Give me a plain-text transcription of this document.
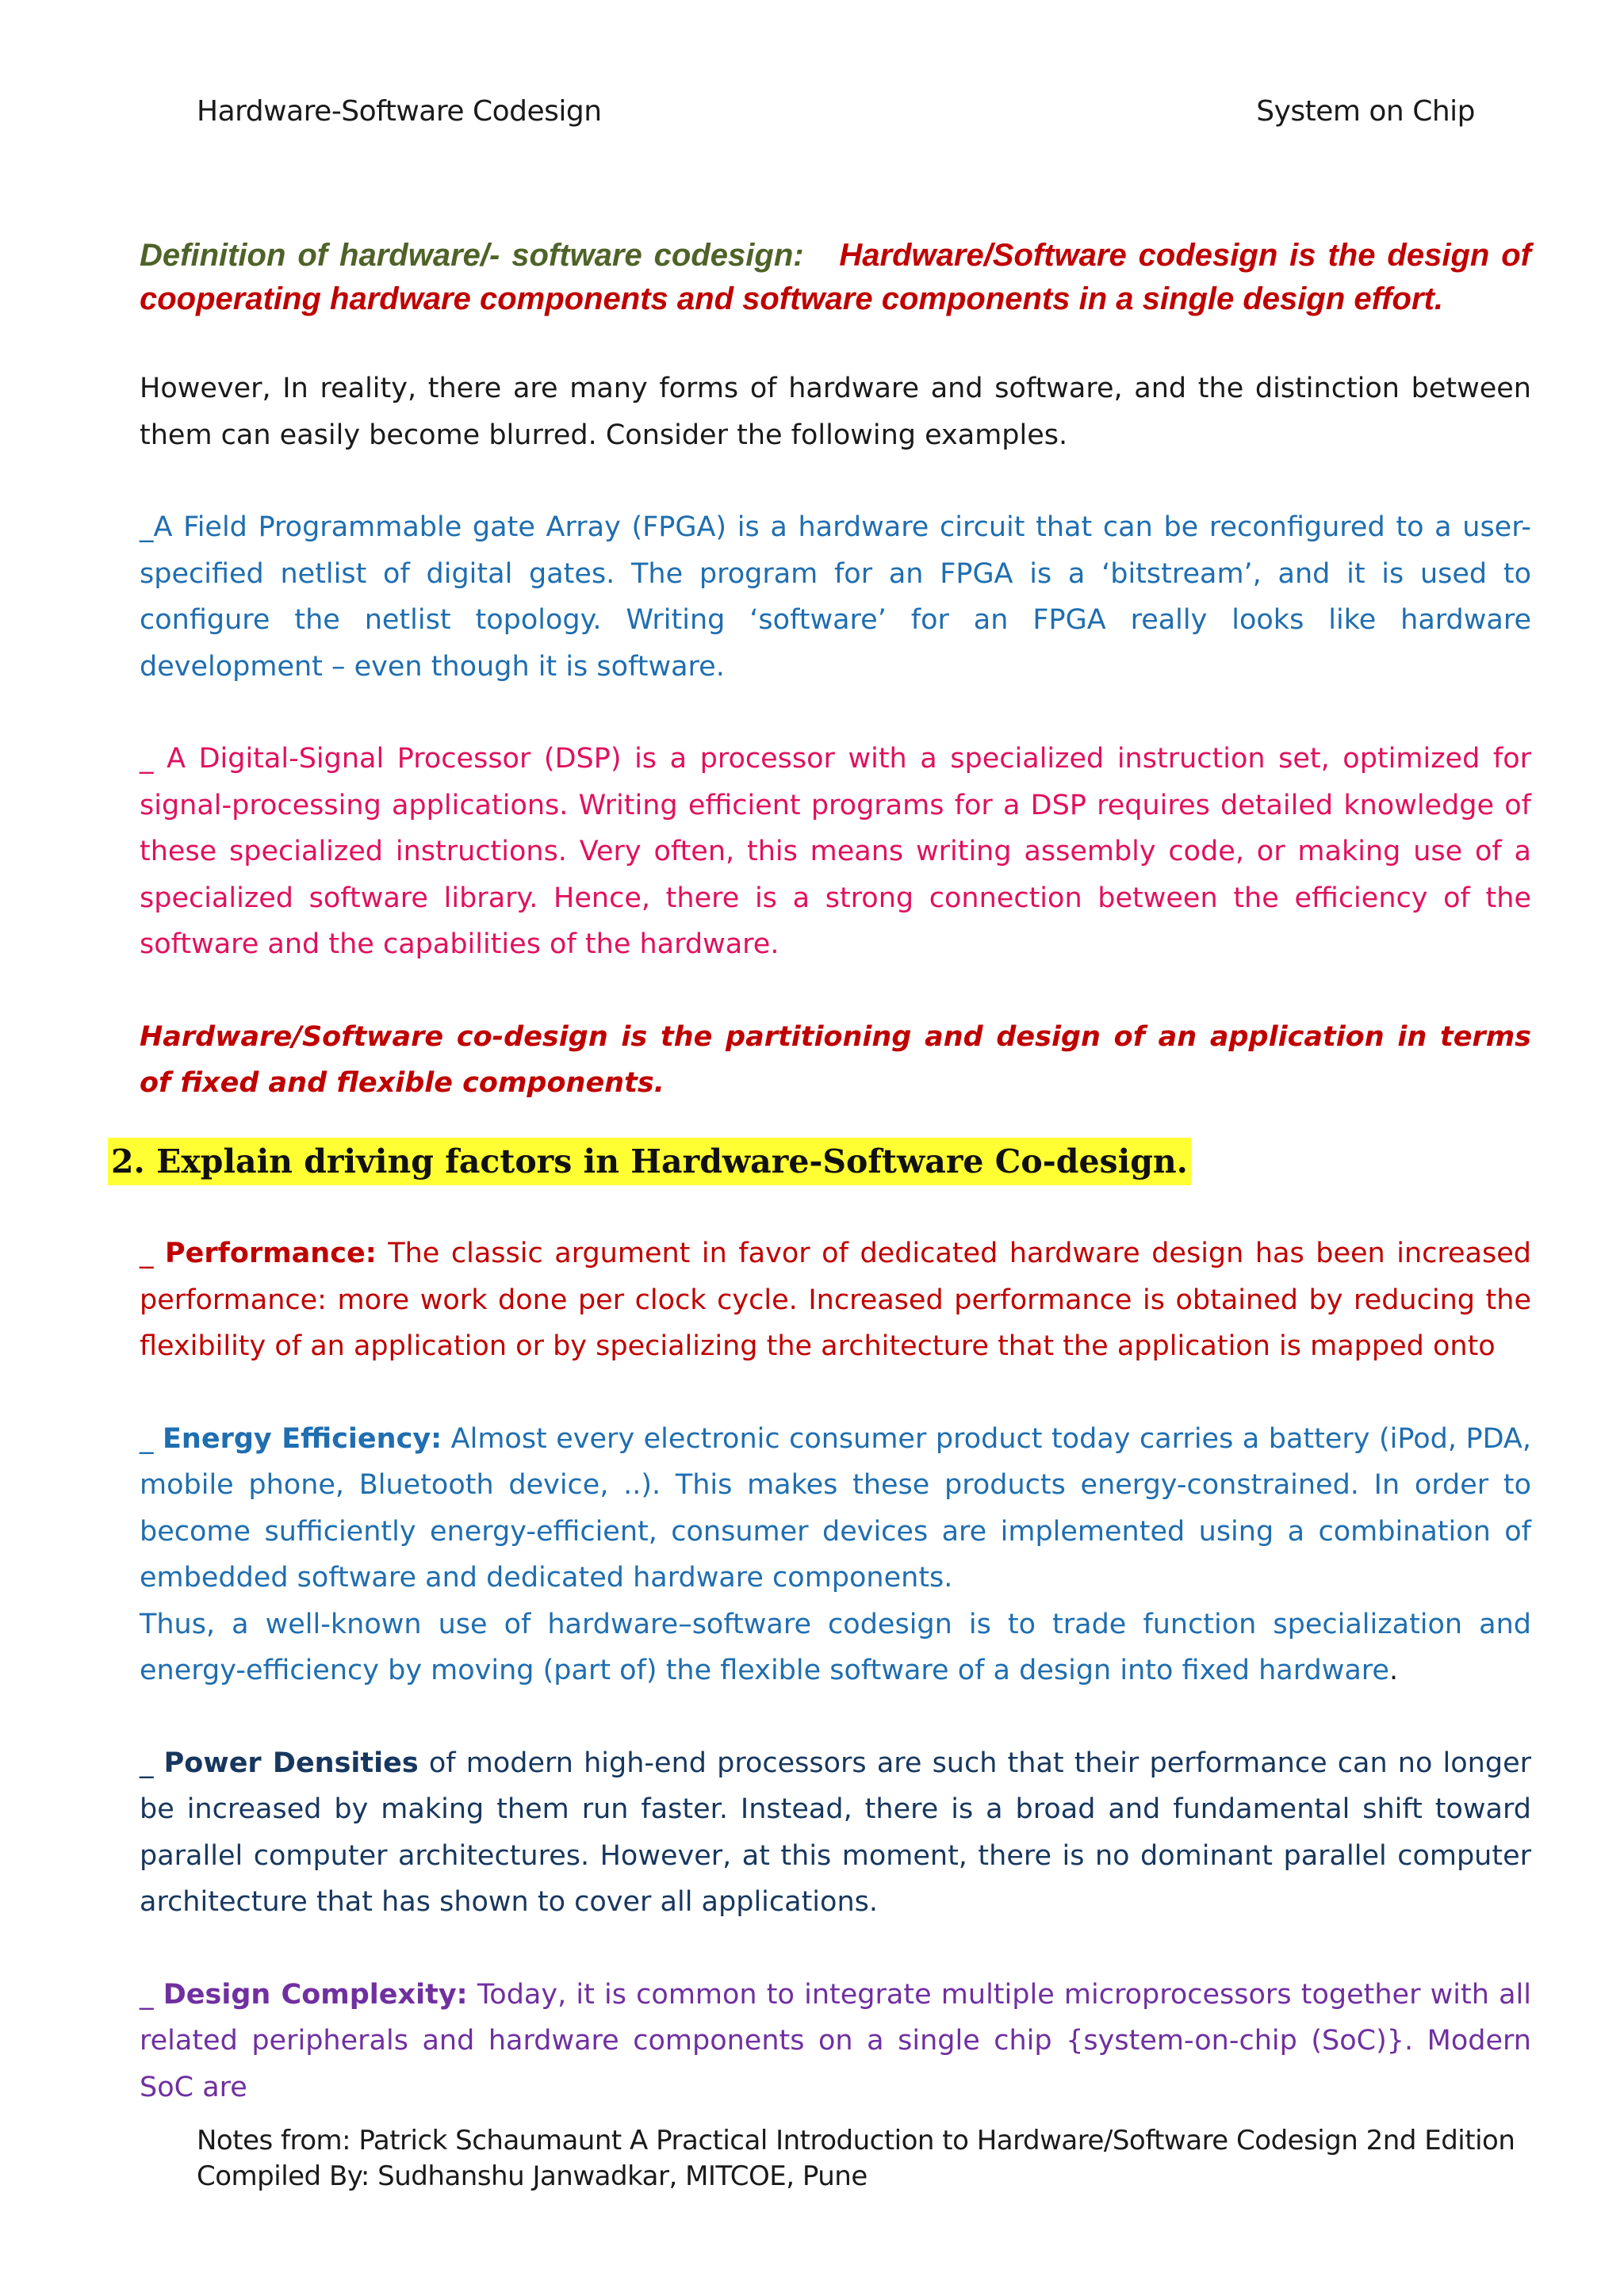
Hardware-Software Codesign	System on Chip

Definition of hardware/- software codesign: Hardware/Software codesign is the design of cooperating hardware components and software components in a single design effort.

However, In reality, there are many forms of hardware and software, and the distinction between them can easily become blurred. Consider the following examples.

_A Field Programmable gate Array (FPGA) is a hardware circuit that can be reconfigured to a user-specified netlist of digital gates. The program for an FPGA is a ‘bitstream’, and it is used to configure the netlist topology. Writing ‘software’ for an FPGA really looks like hardware development – even though it is software.

_ A Digital-Signal Processor (DSP) is a processor with a specialized instruction set, optimized for signal-processing applications. Writing efficient programs for a DSP requires detailed knowledge of these specialized instructions. Very often, this means writing assembly code, or making use of a specialized software library. Hence, there is a strong connection between the efficiency of the software and the capabilities of the hardware.

Hardware/Software co-design is the partitioning and design of an application in terms of fixed and flexible components.

2. Explain driving factors in Hardware-Software Co-design.

_ Performance: The classic argument in favor of dedicated hardware design has been increased performance: more work done per clock cycle. Increased performance is obtained by reducing the flexibility of an application or by specializing the architecture that the application is mapped onto

_ Energy Efficiency: Almost every electronic consumer product today carries a battery (iPod, PDA, mobile phone, Bluetooth device, ..). This makes these products energy-constrained. In order to become sufficiently energy-efficient, consumer devices are implemented using a combination of embedded software and dedicated hardware components.

Thus, a well-known use of hardware–software codesign is to trade function specialization and energy-efficiency by moving (part of) the flexible software of a design into fixed hardware.

_ Power Densities of modern high-end processors are such that their performance can no longer be increased by making them run faster. Instead, there is a broad and fundamental shift toward parallel computer architectures. However, at this moment, there is no dominant parallel computer architecture that has shown to cover all applications.

_ Design Complexity: Today, it is common to integrate multiple microprocessors together with all related peripherals and hardware components on a single chip {system-on-chip (SoC)}. Modern SoC are

Notes from: Patrick Schaumaunt A Practical Introduction to Hardware/Software Codesign 2nd Edition
Compiled By: Sudhanshu Janwadkar, MITCOE, Pune
